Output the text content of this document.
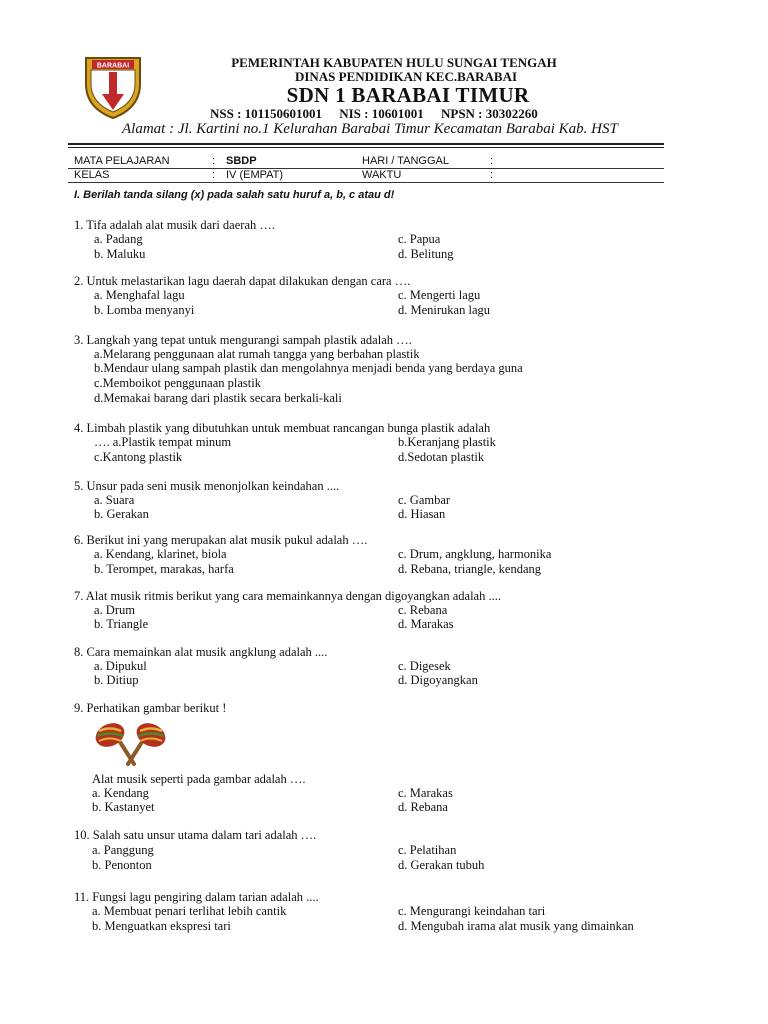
BARABAI	PEMERINTAH KABUPATEN HULU SUNGAI TENGAH
DINAS PENDIDIKAN KEC.BARABAI
SDN 1 BARABAI TIMUR
NSS : 101150601001 NIS : 10601001 NPSN : 30302260
Alamat : Jl. Kartini no.1 Kelurahan Barabai Timur Kecamatan Barabai Kab. HST
MATA PELAJARAN	: SBDP	HARI / TANGGAL	:
KELAS	: IV (EMPAT)	WAKTU	:
I. Berilah tanda silang (x) pada salah satu huruf a, b, c atau d!
1. Tifa adalah alat musik dari daerah ….
a. Padang
b. Maluku
c. Papua
d. Belitung
2. Untuk melastarikan lagu daerah dapat dilakukan dengan cara ….
a. Menghafal lagu
b. Lomba menyanyi
c. Mengerti lagu
d. Menirukan lagu
3. Langkah yang tepat untuk mengurangi sampah plastik adalah ….
a.Melarang penggunaan alat rumah tangga yang berbahan plastik
b.Mendaur ulang sampah plastik dan mengolahnya menjadi benda yang berdaya guna
c.Memboikot penggunaan plastik
d.Memakai barang dari plastik secara berkali-kali
4. Limbah plastik yang dibutuhkan untuk membuat rancangan bunga plastik adalah
…. a.Plastik tempat minum	b.Keranjang plastik
c.Kantong plastik	d.Sedotan plastik
5. Unsur pada seni musik menonjolkan keindahan ....
a. Suara
b. Gerakan
c. Gambar
d. Hiasan
6. Berikut ini yang merupakan alat musik pukul adalah ….
a. Kendang, klarinet, biola
b. Terompet, marakas, harfa
c. Drum, angklung, harmonika
d. Rebana, triangle, kendang
7. Alat musik ritmis berikut yang cara memainkannya dengan digoyangkan adalah ....
a. Drum
b. Triangle
c. Rebana
d. Marakas
8. Cara memainkan alat musik angklung adalah ....
a. Dipukul
b. Ditiup
c. Digesek
d. Digoyangkan
9. Perhatikan gambar berikut !
Alat musik seperti pada gambar adalah ….
a. Kendang
b. Kastanyet
c. Marakas
d. Rebana
10. Salah satu unsur utama dalam tari adalah ….
a. Panggung
b. Penonton
c. Pelatihan
d. Gerakan tubuh
11. Fungsi lagu pengiring dalam tarian adalah ....
a. Membuat penari terlihat lebih cantik
b. Menguatkan ekspresi tari
c. Mengurangi keindahan tari
d. Mengubah irama alat musik yang dimainkan
